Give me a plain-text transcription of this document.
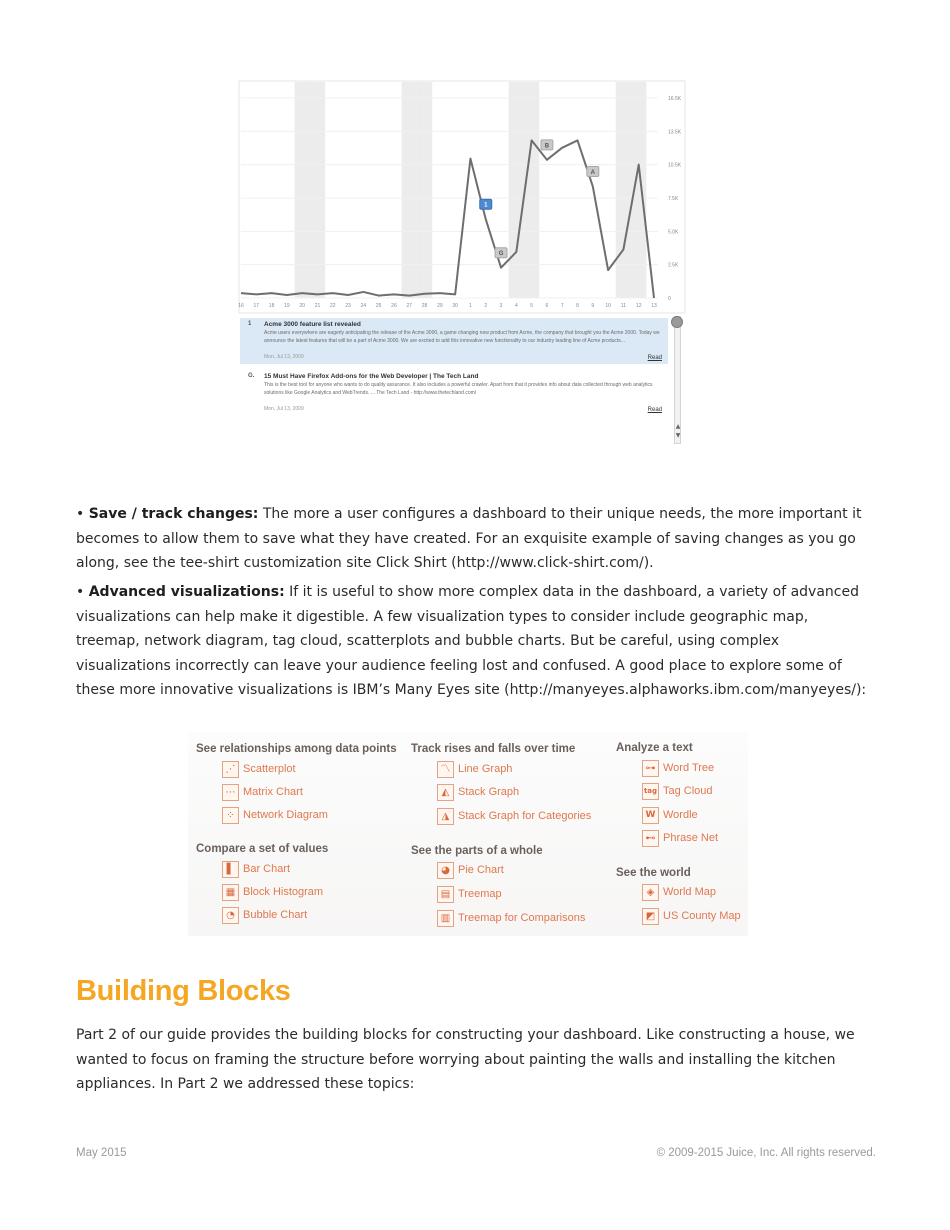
16.5K
13.5K
10.5K
7.5K
5.0K
2.5K
0
16 17 18 19 20 21 22 23 24 25 26 27 28 29 30 1	2	3	4	5	6	7	8	9 10 11 12 13
1
G
B
A
1 Acme 3000 feature list revealed
Acme users everywhere are eagerly anticipating the release of the Acme 3000, a game changing new product from Acme, the company that brought you the Acme 2000. Today we announce the latest features that will be a part of Acme 3000. We are excited to add this innovative new functionality to our industry leading line of Acme products...
Mon, Jul 13, 2009	Read
G. 15 Must Have Firefox Add-ons for the Web Developer | The Tech Land
This is the best tool for anyone who wants to do quality assurance. It also includes a powerful crawler. Apart from that it provides info about data collected through web analytics solutions like Google Analytics and WebTrends. ... The Tech Land - http://www.thetechland.com/
Mon, Jul 13, 2009	Read
▲
▼

• Save / track changes: The more a user configures a dashboard to their unique needs, the more important it becomes to allow them to save what they have created. For an exquisite example of saving changes as you go along, see the tee-shirt customization site Click Shirt (http://www.click-shirt.com/).

• Advanced visualizations: If it is useful to show more complex data in the dashboard, a variety of advanced visualizations can help make it digestible. A few visualization types to consider include geographic map, treemap, network diagram, tag cloud, scatterplots and bubble charts. But be careful, using complex visualizations incorrectly can leave your audience feeling lost and confused. A good place to explore some of these more innovative visualizations is IBM’s Many Eyes site (http://manyeyes.alphaworks.ibm.com/manyeyes/):

See relationships among data points
⋰ Scatterplot
⋯ Matrix Chart
⁘ Network Diagram
Compare a set of values
▌ Bar Chart
▦ Block Histogram
◔ Bubble Chart
Track rises and falls over time
〽 Line Graph
◭ Stack Graph
◮ Stack Graph for Categories
See the parts of a whole
◕ Pie Chart
▤ Treemap
▥ Treemap for Comparisons
Analyze a text
⊶ Word Tree
tag Tag Cloud
W Wordle
⊷ Phrase Net
See the world
◈ World Map
◩ US County Map
Building Blocks

Part 2 of our guide provides the building blocks for constructing your dashboard. Like constructing a house, we wanted to focus on framing the structure before worrying about painting the walls and installing the kitchen appliances. In Part 2 we addressed these topics:

May 2015	© 2009-2015 Juice, Inc. All rights reserved.
